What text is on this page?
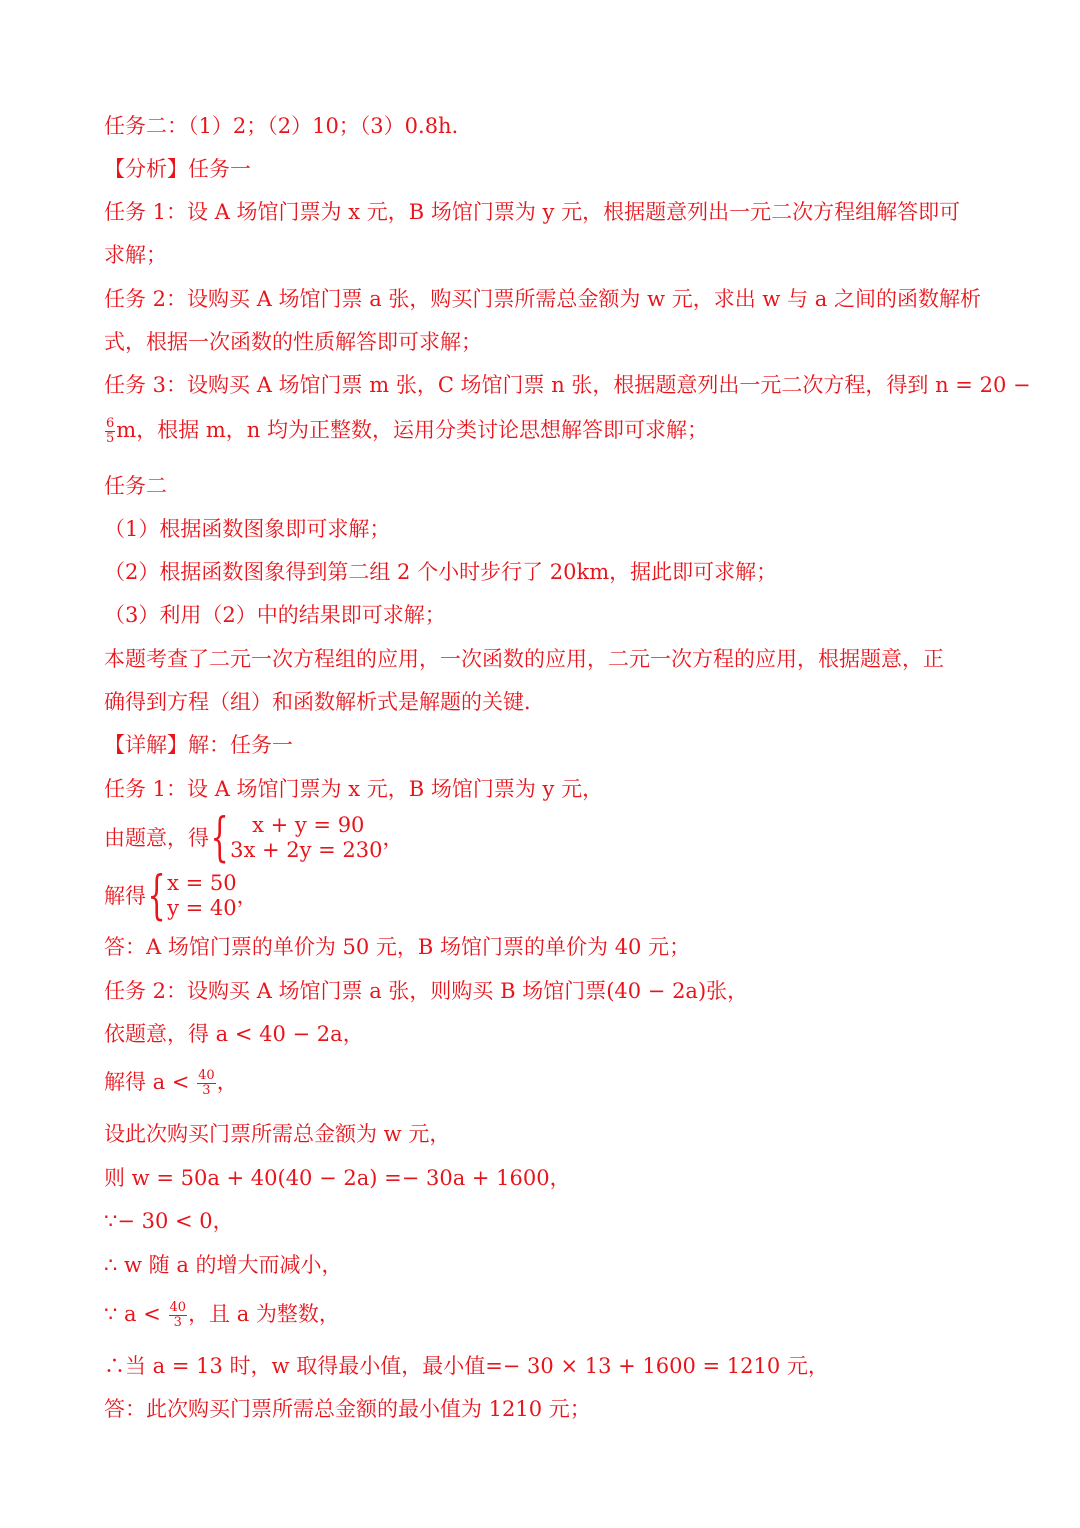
任务二：（1）2；（2）10；（3）0.8h．
【分析】任务一
任务 1：设 A 场馆门票为 x 元，B 场馆门票为 y 元，根据题意列出一元二次方程组解答即可
求解；
任务 2：设购买 A 场馆门票 a 张，购买门票所需总金额为 w 元，求出 w 与 a 之间的函数解析
式，根据一次函数的性质解答即可求解；
任务 3：设购买 A 场馆门票 m 张，C 场馆门票 n 张，根据题意列出一元二次方程，得到 n = 20 −
$\frac{6}{5}$ m，根据 m，n 均为正整数，运用分类讨论思想解答即可求解；
任务二
（1）根据函数图象即可求解；
（2）根据函数图象得到第二组 2 个小时步行了 20km，据此即可求解；
（3）利用（2）中的结果即可求解；
本题考查了二元一次方程组的应用，一次函数的应用，二元一次方程的应用，根据题意，正
确得到方程（组）和函数解析式是解题的关键．
【详解】解：任务一
任务 1：设 A 场馆门票为 x 元，B 场馆门票为 y 元，
由题意，得 {	x + y = 90
3x + 2y = 230 ，
解得 { x = 50
y = 40 ，
答：A 场馆门票的单价为 50 元，B 场馆门票的单价为 40 元；
任务 2：设购买 A 场馆门票 a 张，则购买 B 场馆门票(40 − 2a)张，
依题意，得 a < 40 − 2a，
解得 $a < \frac{40}{3}$ ，
设此次购买门票所需总金额为 w 元，
则 w = 50a + 40(40 − 2a) =− 30a + 1600，
∵− 30 < 0，
∴ w 随 a 的增大而减小，
∵ $a < \frac{40}{3}$ ，且 a 为整数，
∴当 a = 13 时，w 取得最小值，最小值=− 30 × 13 + 1600 = 1210 元，
答：此次购买门票所需总金额的最小值为 1210 元；
